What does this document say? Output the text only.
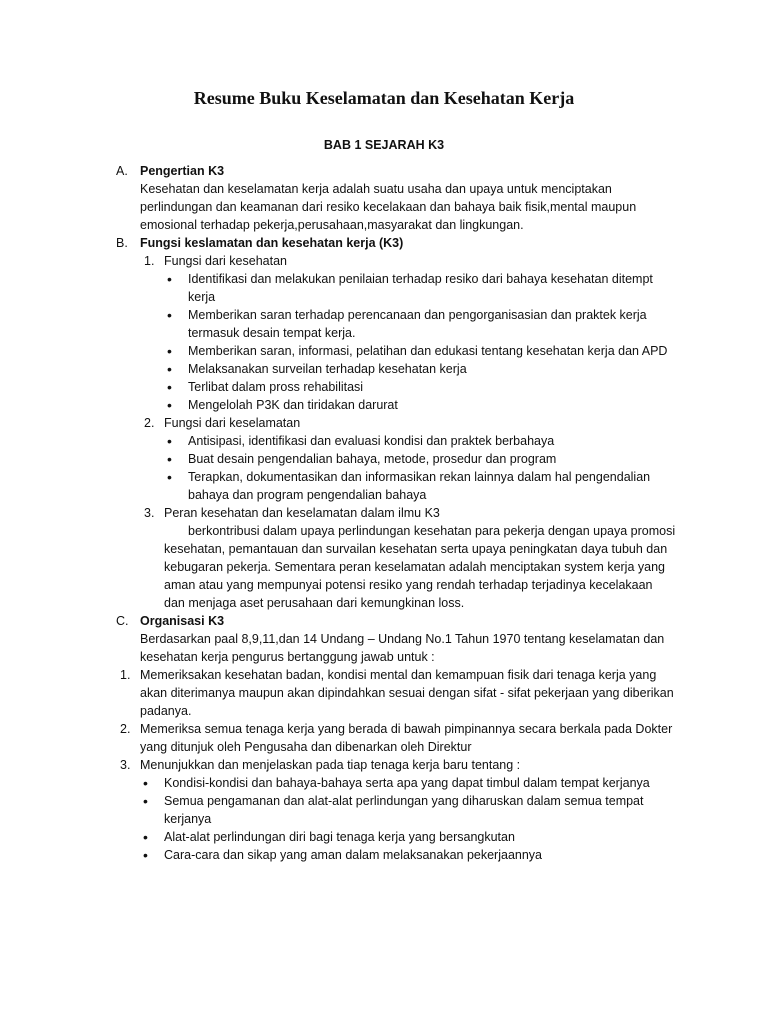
Resume Buku Keselamatan dan Kesehatan Kerja
BAB 1 SEJARAH K3
A. Pengertian K3

Kesehatan dan keselamatan kerja adalah suatu usaha dan upaya untuk menciptakan perlindungan dan keamanan dari resiko kecelakaan dan bahaya baik fisik,mental maupun emosional terhadap pekerja,perusahaan,masyarakat dan lingkungan.

B. Fungsi keslamatan dan kesehatan kerja (K3)
1. Fungsi dari kesehatan
• Identifikasi dan melakukan penilaian terhadap resiko dari bahaya kesehatan ditempt kerja
• Memberikan saran terhadap perencanaan dan pengorganisasian dan praktek kerja termasuk desain tempat kerja.
• Memberikan saran, informasi, pelatihan dan edukasi tentang kesehatan kerja dan APD
• Melaksanakan surveilan terhadap kesehatan kerja
• Terlibat dalam pross rehabilitasi
• Mengelolah P3K dan tiridakan darurat
2. Fungsi dari keselamatan
• Antisipasi, identifikasi dan evaluasi kondisi dan praktek berbahaya
• Buat desain pengendalian bahaya, metode, prosedur dan program
• Terapkan, dokumentasikan dan informasikan rekan lainnya dalam hal pengendalian bahaya dan program pengendalian bahaya
3. Peran kesehatan dan keselamatan dalam ilmu K3

berkontribusi dalam upaya perlindungan kesehatan para pekerja dengan upaya promosi kesehatan, pemantauan dan survailan kesehatan serta upaya peningkatan daya tubuh dan kebugaran pekerja. Sementara peran keselamatan adalah menciptakan system kerja yang aman atau yang mempunyai potensi resiko yang rendah terhadap terjadinya kecelakaan dan menjaga aset perusahaan dari kemungkinan loss.

C. Organisasi K3

Berdasarkan paal 8,9,11,dan 14 Undang – Undang No.1 Tahun 1970 tentang keselamatan dan kesehatan kerja pengurus bertanggung jawab untuk :

1. Memeriksakan kesehatan badan, kondisi mental dan kemampuan fisik dari tenaga kerja yang akan diterimanya maupun akan dipindahkan sesuai dengan sifat - sifat pekerjaan yang diberikan padanya.
2. Memeriksa semua tenaga kerja yang berada di bawah pimpinannya secara berkala pada Dokter yang ditunjuk oleh Pengusaha dan dibenarkan oleh Direktur
3. Menunjukkan dan menjelaskan pada tiap tenaga kerja baru tentang :
• Kondisi-kondisi dan bahaya-bahaya serta apa yang dapat timbul dalam tempat kerjanya
• Semua pengamanan dan alat-alat perlindungan yang diharuskan dalam semua tempat kerjanya
• Alat-alat perlindungan diri bagi tenaga kerja yang bersangkutan
• Cara-cara dan sikap yang aman dalam melaksanakan pekerjaannya
